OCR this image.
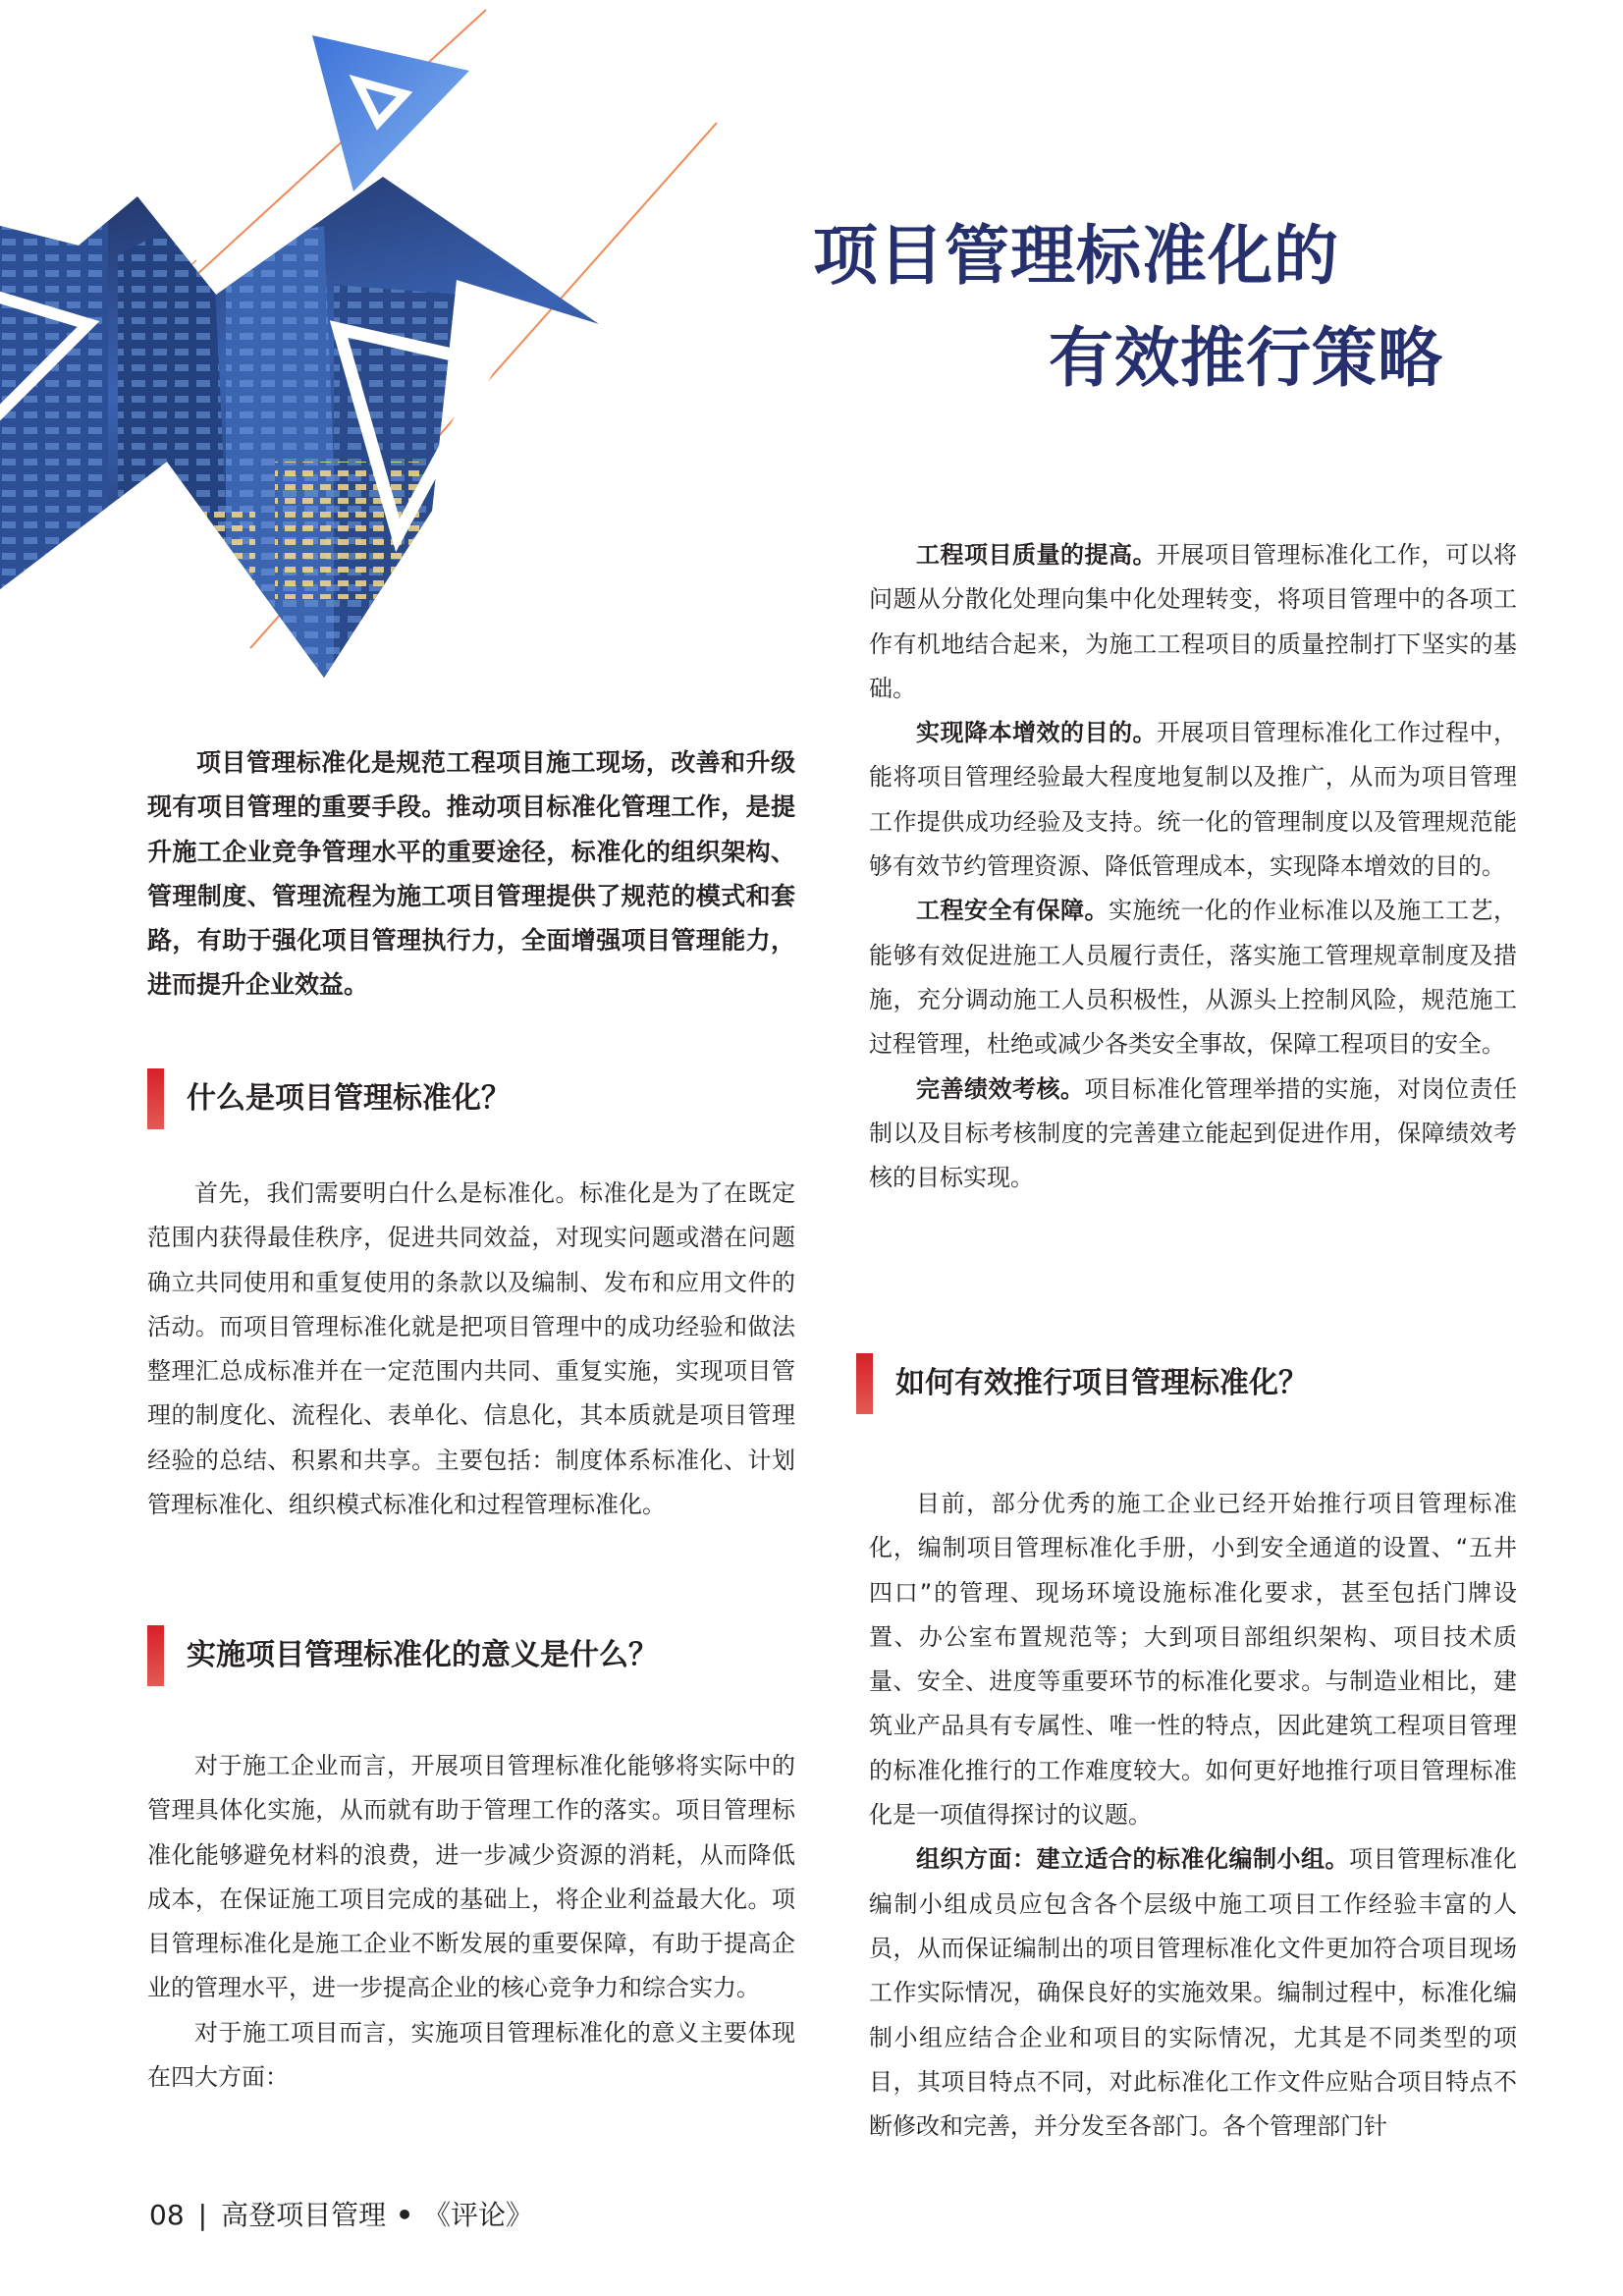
项目管理标准化的
有效推行策略

项目管理标准化是规范工程项目施工现场，改善和升级现有项目管理的重要手段。推动项目标准化管理工作，是提升施工企业竞争管理水平的重要途径，标准化的组织架构、管理制度、管理流程为施工项目管理提供了规范的模式和套路，有助于强化项目管理执行力，全面增强项目管理能力，进而提升企业效益。

什么是项目管理标准化？

首先，我们需要明白什么是标准化。标准化是为了在既定范围内获得最佳秩序，促进共同效益，对现实问题或潜在问题确立共同使用和重复使用的条款以及编制、发布和应用文件的活动。而项目管理标准化就是把项目管理中的成功经验和做法整理汇总成标准并在一定范围内共同、重复实施，实现项目管理的制度化、流程化、表单化、信息化，其本质就是项目管理经验的总结、积累和共享。主要包括：制度体系标准化、计划管理标准化、组织模式标准化和过程管理标准化。

实施项目管理标准化的意义是什么？

对于施工企业而言，开展项目管理标准化能够将实际中的管理具体化实施，从而就有助于管理工作的落实。项目管理标准化能够避免材料的浪费，进一步减少资源的消耗，从而降低成本，在保证施工项目完成的基础上，将企业利益最大化。项目管理标准化是施工企业不断发展的重要保障，有助于提高企业的管理水平，进一步提高企业的核心竞争力和综合实力。

对于施工项目而言，实施项目管理标准化的意义主要体现在四大方面：

工程项目质量的提高。开展项目管理标准化工作，可以将问题从分散化处理向集中化处理转变，将项目管理中的各项工作有机地结合起来，为施工工程项目的质量控制打下坚实的基础。

实现降本增效的目的。开展项目管理标准化工作过程中，能将项目管理经验最大程度地复制以及推广，从而为项目管理工作提供成功经验及支持。统一化的管理制度以及管理规范能够有效节约管理资源、降低管理成本，实现降本增效的目的。

工程安全有保障。实施统一化的作业标准以及施工工艺，能够有效促进施工人员履行责任，落实施工管理规章制度及措施，充分调动施工人员积极性，从源头上控制风险，规范施工过程管理，杜绝或减少各类安全事故，保障工程项目的安全。

完善绩效考核。项目标准化管理举措的实施，对岗位责任制以及目标考核制度的完善建立能起到促进作用，保障绩效考核的目标实现。

如何有效推行项目管理标准化？

目前，部分优秀的施工企业已经开始推行项目管理标准化，编制项目管理标准化手册，小到安全通道的设置、“五井四口”的管理、现场环境设施标准化要求，甚至包括门牌设置、办公室布置规范等；大到项目部组织架构、项目技术质量、安全、进度等重要环节的标准化要求。与制造业相比，建筑业产品具有专属性、唯一性的特点，因此建筑工程项目管理的标准化推行的工作难度较大。如何更好地推行项目管理标准化是一项值得探讨的议题。

组织方面：建立适合的标准化编制小组。项目管理标准化编制小组成员应包含各个层级中施工项目工作经验丰富的人员，从而保证编制出的项目管理标准化文件更加符合项目现场工作实际情况，确保良好的实施效果。编制过程中，标准化编制小组应结合企业和项目的实际情况，尤其是不同类型的项目，其项目特点不同，对此标准化工作文件应贴合项目特点不断修改和完善，并分发至各部门。各个管理部门针

08 | 高登项目管理 • 《评论》
